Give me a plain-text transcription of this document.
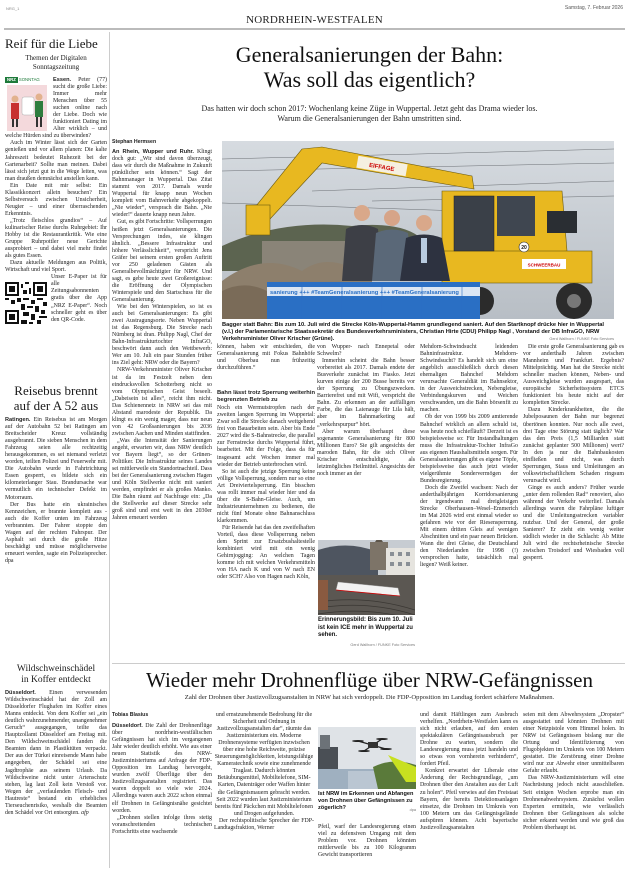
NRG_1	Samstag, 7. Februar 2026
NORDRHEIN-WESTFALEN
Reif für die Liebe
Themen der Digitalen Sonntagszeitung
NRZ SONNTAG	Essen. Peter (77) sucht die große Liebe: Immer mehr Menschen über 55 suchen online nach der Liebe. Doch wie funktioniert Dating im Alter wirklich – und welche Hürden sind zu überwinden?

Auch im Winter lässt sich der Garten genießen und vor allem planen: Die kalte Jahreszeit bedeutet Ruhezeit bei der Gartenarbeit? Sollte man meinen. Dabei lässt sich jetzt gut in die Wege leiten, was man draußen demnächst anstellen kann.

Ein Date mit mir selbst: Ein Klassikkonzert allein besuchen? Ein Selbstversuch zwischen Unsicherheit, Neugier – und einer überraschenden Erkenntnis.

„Trotz fleischlos grandios“ – Auf kulinarischer Reise durchs Ruhrgebiet: Ihr Hobby ist die Restaurantkritik. Wie eine Gruppe Ruhrpottler neue Gerichte ausprobiert – und dabei viel mehr findet als gutes Essen.

Dazu aktuelle Meldungen aus Politik, Wirtschaft und viel Sport.

Unser E-Paper ist für alle Zeitungsabonnenten gratis über die App „NRZ E-Paper“. Noch schneller geht es über den QR-Code.

Reisebus brennt
auf der A 52 aus

Ratingen. Ein Reisebus ist am Morgen auf der Autobahn 52 bei Ratingen am Breitscheider Kreuz vollständig ausgebrannt. Die sieben Menschen in dem Fahrzeug seien alle rechtzeitig herausgekommen, es sei niemand verletzt worden, teilten Polizei und Feuerwehr mit. Die Autobahn wurde in Fahrtrichtung Essen gesperrt, es bildete sich ein kilometerlanger Stau. Brandursache war vermutlich ein technischer Defekt im Motorraum.

Der Bus hatte ein ukrainisches Kennzeichen, er brannte komplett aus - auch die Koffer unten im Fahrzeug verbrannten. Der Fahrer stoppte den Wagen auf der rechten Fahrspur. Der Asphalt sei durch die große Hitze beschädigt und müsse möglicherweise erneuert werden, sagte ein Polizeisprecher. dpa

Wildschweinschädel
in Koffer entdeckt

Düsseldorf. Einen verwesenden Wildschweinschädel hat der Zoll am Düsseldorfer Flughafen im Koffer eines Manns entdeckt. Von dem Koffer sei „ein deutlich wahrzunehmender, unangenehmer Geruch“ ausgegangen, teilte das Hauptzollamt Düsseldorf am Freitag mit. Den Wildschweinschädel fanden die Beamten dann in Plastiktüten verpackt. Der aus der Türkei einreisende Mann habe angegeben, der Schädel sei eine Jagdtrophäe aus seinem Urlaub. Da Wildschweine nicht unter Artenschutz stehen, lag laut Zoll kein Verstoß vor. Wegen der „verfaulenden Fleisch- und Hautreste“ bestand ein erhebliches Tierseuchenrisiko, weshalb die Beamten den Schädel vor Ort entsorgten. afp

Generalsanierungen der Bahn:
Was soll das eigentlich?
Das hatten wir doch schon 2017: Wochenlang keine Züge in Wuppertal. Jetzt geht das Drama wieder los.
Warum die Generalsanierungen der Bahn umstritten sind.
Stephan Hermsen

An Rhein, Wupper und Ruhr. Klingt doch gut: „Wir sind davon überzeugt, dass wir durch die Maßnahme in Zukunft pünktlicher sein können.“ Sagt der Bahnmanager in Wuppertal. Das Zitat stammt von 2017. Damals wurde Wuppertal für knapp neun Wochen komplett vom Bahnverkehr abgekoppelt. „Nie wieder“, versprach die Bahn. „Nie wieder!“ dauerte knapp neun Jahre.

Gut, es gibt Fortschritte: Vollsperrungen heißen jetzt Generalsanierungen. Die Versprechungen indes, sie klingen ähnlich. „Bessere Infrastruktur und höhere Verlässlichkeit“, verspricht Jens Gräfer bei seinem ersten großen Auftritt vor 250 geladenen Gästen als Generalbevollmächtigter für NRW. Und sagt, es gebe heute zwei Großereignisse: die Eröffnung der Olympischen Winterspiele und den Startschuss für die Generalsanierung.

Wie bei den Winterspielen, so ist es auch bei Generalsanierungen: Es gibt zwei Austragungsorte. Neben Wuppertal ist das Regensburg. Die Strecke nach Nürnberg ist dran. Philipp Nagl, Chef der Bahn-Infrastrukturtochter InfraGO, beschwört dann auch den Wettbewerb: Wer am 10. Juli ein paar Stunden früher ins Ziel geht: NRW oder die Bayern?

NRW-Verkehrsminister Oliver Krischer ist da im Festzelt neben dem eindrucksvollen Schotterberg nicht so vom Olympischen Geist beseelt. „Dabeisein ist alles“, reicht ihm nicht. Das Schienennetz in NRW sei das mit Abstand marodeste der Republik. Da klingt es ein wenig mager, dass nur neun von 42 Großsanierungen bis 2036 zwischen Aachen und Minden stattfinden.

„Was die Intensität der Sanierungen angeht, erwarten wir, dass NRW deutlich vor Bayern liegt“, so der Grünen-Politiker. Die Infrastruktur seines Landes sei mittlerweile ein Standortnachteil. Dass bei der Generalsanierung zwischen Hagen und Köln Stellwerke nicht mit saniert werden, empfindet er als großes Manko. Die Bahn räumt auf Nachfrage ein: „Da die Stellwerke auf dieser Strecke sehr groß sind und erst weit in den 2030er Jahren erneuert werden

EIFFAGE
SCHWEERBAU
20
sanierung +++ #TeamGeneralsanierung +++ #TeamGeneralsanierung
Bagger statt Bahn: Bis zum 10. Juli wird die Strecke Köln-Wuppertal-Hamm grundlegend saniert. Auf den Startknopf drücke hier in Wuppertal (v.l.) der Parlamentarische Staatssekretär des Bundesverkehrsministers, Christian Hirte (CDU) Philipp Nagl , Vorstand der DB InfraGO, NRW Verkehrsminister Oliver Krischer (Grüne).	Gerd Wallhorn / FUNKE Foto Services

können, haben wir entschieden, die Generalsanierung mit Fokus Bahnhöfe und Oberbau nun frühzeitig durchzuführen.“

Bahn lässt trotz Sperrung weiterhin begrenzten Betrieb zu

Noch ein Wermutstropfen nach der zweiten langen Sperrung im Wuppertal: Zwar soll die Strecke danach weitgehend frei von Bauarbeiten sein. Aber bis Ende 2027 wird die S-Bahnstrecke, die parallel zur Fernstrecke durchs Wuppertal führt, bearbeitet. Mit der Folge, dass da für insgesamt acht Wochen immer mal wieder der Betrieb unterbrochen wird.

So ist auch die jetzige Sperrung keine völlige Vollsperrung, sondern nur so eine Art Dreiviertelsperrung. Ein bisschen was rollt immer mal wieder hier und da über die S-Bahn-Gleise. Auch, um Industrieunternehmen zu bedienen, die nicht fünf Monate ohne Bahnanschluss klarkommen.

Für Reisende hat das den zweifelhaften Vorteil, dass diese Vollsperrung neben dem Sprint zur Ersatzbushaltestelle kombiniert wird mit ein wenig Gehirnjogging: An welchen Tagen komme ich mit welchen Verkehrsmitteln von HA nach K und von W nach EN oder SCH? Also von Hagen nach Köln,

von Wupper- nach Ennepetal oder Schwelm?

Immerhin scheint die Bahn besser vorbereitet als 2017. Damals endete der Busverkehr zunächst im Fiasko. Jetzt kurven einige der 200 Busse bereits vor der Sperrung zu Übungszwecken. Barrierefrei und mit Wifi, verspricht die Bahn. Zu erkennen an der auffälligen Farbe, die das Laienauge für Lila hält, aber im Bahnmarketing auf „verkehrspurpur“ hört.

Aber warum überhaupt diese sogenannte Generalsanierung für 800 Millionen Euro? Sie gilt angesichts der maroden Bahn, für die sich Oliver Krischer entschuldigte, als letztmögliches Heilmittel. Angesichts der noch immer an der

Erinnerungsbild: Bis zum 10. Juli ist kein ICE mehr in Wuppertal zu sehen.
Gerd Wallhorn / FUNKE Foto Services

Mehdorn-Schwindsucht leidenden Bahninfrastruktur. Mehdorn-Schwindsucht? Es handelt sich um eine angeblich ausschließlich durch diesen ehemaligen Bahnchef Mehdorn verursachte Generaldiät im Bahnsektor, in der Ausweichstrecken, Nebengleise, Verbindungskurven und Weichen verschwanden, um die Bahn börsenfit zu machen.

Ob der von 1999 bis 2009 amtierende Bahnchef wirklich an allem schuld ist, was heute noch schiefläuft? Derzeit ist es beispielsweise so: Für Instandhaltungen muss die Infrastruktur-Tochter InfraGo aus eigenen Haushaltsmitteln sorgen. Für Generalsanierungen gibt es eigene Töpfe, beispielsweise das auch jetzt wieder vielgerühmte Sondervermögen der Bundesregierung.

Doch die Zweifel wachsen: Nach der anderthalbjährigen Korridorsanierung der irgendwann mal dreigleisigen Strecke Oberhausen–Wesel–Emmerich im Mai 2026 wird erst einmal wieder so gefahren wie vor der Riesensperrung. Mit einem dritten Gleis auf wenigen Abschnitten und ein paar neuen Brücken. Wann die drei Gleise, die Deutschland den Niederlanden für 1998 (!) versprochen hatte, tatsächlich mal liegen? Weiß keiner.

Die erste große Generalsanierung gab es vor anderthalb Jahren zwischen Mannheim und Frankfurt. Ergebnis? Mittelprächtig. Man hat die Strecke nicht schneller machen können, Neben- und Ausweichgleise wurden ausgespart, das europäische Sicherheitssystem ETCS funktioniert bis heute nicht auf der kompletten Strecke.

Dazu Kinderkrankheiten, die die Jubelposaunen der Bahn nur begrenzt übertönen konnten. Nur noch alle zwei, drei Tage eine Störung statt täglich? War das den Preis (1,5 Milliarden statt zunächst geplanter 500 Millionen) wert? In den ja nur die Bahnbaukosten einfließen und nicht, was durch Sperrungen, Staus und Umleitungen an volkswirtschaftlichem Schaden ringsum verursacht wird.

Ginge es auch anders? Früher wurde „unter dem rollenden Rad“ renoviert, also während der Verkehr weiterlief. Damals allerdings waren die Fahrpläne luftiger und die Umleitungsstrecken variabler nutzbar. Und der General, der große Sanierer? Er zieht ein wenig weiter südlich wieder in die Schlacht: Ab Mitte Juli wird die rechtsrheinische Strecke zwischen Troisdorf und Wiesbaden voll gesperrt.

Wieder mehr Drohnenflüge über NRW-Gefängnissen
Zahl der Drohnen über Justizvollzugsanstalten in NRW hat sich verdoppelt. Die FDP-Opposition im Landtag fordert schärfere Maßnahmen.
Tobias Blasius

Düsseldorf. Die Zahl der Drohnenflüge über nordrhein-westfälischen Gefängnissen hat sich im vergangenen Jahr wieder deutlich erhöht. Wie aus einer neuen Statistik des NRW-Justizministeriums auf Anfrage der FDP-Opposition im Landtag hervorgeht, wurden zwölf Überflüge über den Justizvollzugsanstalten registriert. Das waren doppelt so viele wie 2024. Allerdings waren auch 2022 schon einmal elf Drohnen in Gefängnisnähe gesichtet worden.

„Drohnen stellen infolge ihres stetig voranschreitenden technischen Fortschritts eine wachsende

und ernstzunehmende Bedrohung für die Sicherheit und Ordnung in Justizvollzugsanstalten dar“, räumte das Justizministerium ein. Moderne Drohnensysteme verfügten inzwischen über eine hohe Reichweite, präzise Steuerungsmöglichkeiten, leistungsfähige Kameratechnik sowie eine zunehmende Traglast. Dadurch könnten Betäubungsmittel, Mobiltelefone, SIM-Karten, Datenträger oder Waffen hinter die Gefängnismauern gebracht werden. Seit 2022 wurden laut Justizministerium bereits fünf Päckchen mit Mobiltelefonen und Drogen aufgefunden.

Der rechtspolitische Sprecher der FDP-Landtagsfraktion, Werner

Ist NRW im Erkennen und Abfangen von Drohnen über Gefängnissen zu zögerlich?	dpa

Pfeil, warf der Landesregierung einen viel zu defensiven Umgang mit dem Problem vor. Drohnen könnten mittlerweile bis zu 100 Kilogramm Gewicht transportieren

und damit Häftlingen zum Ausbruch verhelfen. „Nordrhein-Westfalen kann es sich nicht erlauben, auf den ersten spektakulären Gefängnisausbruch per Drohne zu warten, sondern die Landesregierung muss jetzt handeln und so etwas von vornherein verhindern“, fordert Pfeil.

Konkret erwartet der Liberale eine Änderung der Rechtsgrundlage, „um Drohnen über den Anstalten aus der Luft zu holen“. Pfeil verwies auf den Freistaat Bayern, der bereits Detektionsanlagen einsetze, die Drohnen im Umkreis von 100 Metern um das Gefängnisgelände aufspüren können. Acht bayerische Justizvollzugsanstalten

seien mit dem Abwehrsystem „Dropster“ ausgestattet und könnten Drohnen mit einer Netzpistole vom Himmel holen. In NRW ist Gefängnissen bislang nur die Ortung und Identifizierung von Flugobjekten im Umkreis von 100 Metern gestattet. Die Zerstörung einer Drohne wird nur zur Abwehr einer unmittelbaren Gefahr erlaubt.

Das NRW-Justizministerium will eine Nachrüstung jedoch nicht ausschließen. Seit einigen Wochen erprobe man ein Drohnenabwehrsystem. Zunächst wollen Experten ermitteln, wie verlässlich Drohnen über Gefängnissen als solche sicher erkannt werden und wie groß das Problem überhaupt ist.
